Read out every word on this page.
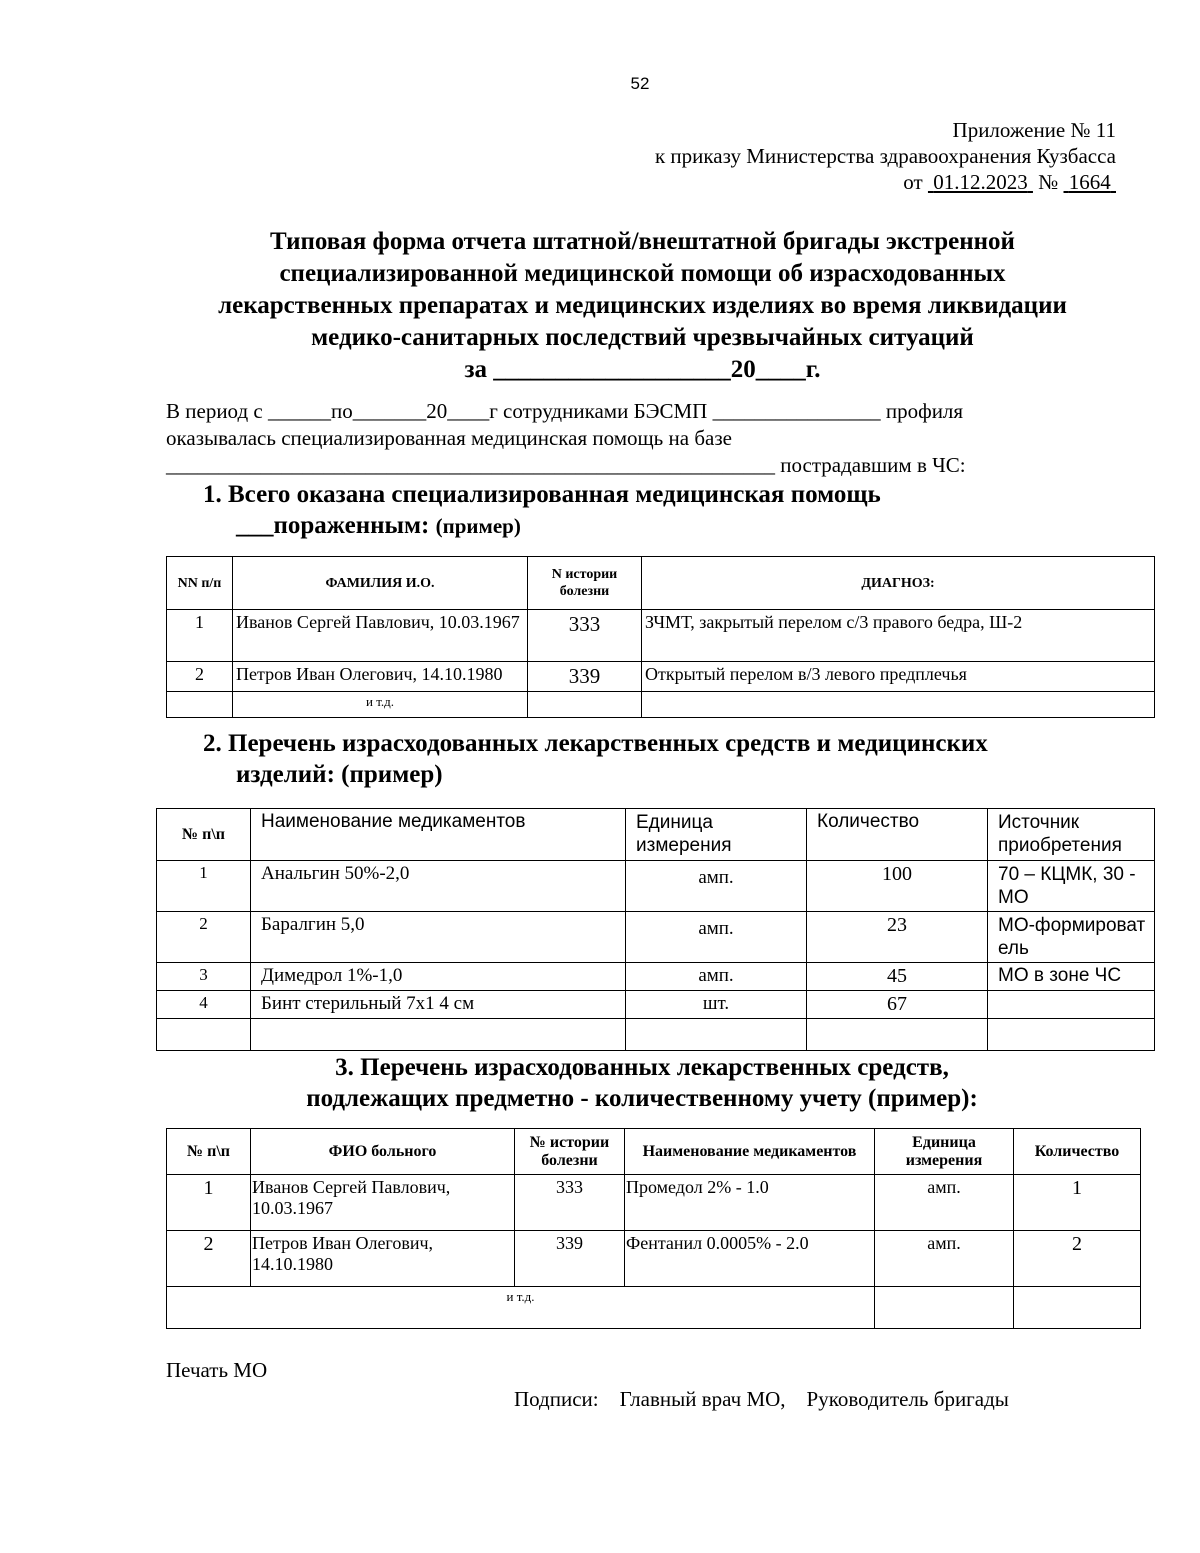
52
Приложение № 11
к приказу Министерства здравоохранения Кузбасса
от 01.12.2023 № 1664
Типовая форма отчета штатной/внештатной бригады экстренной
специализированной медицинской помощи об израсходованных
лекарственных препаратах и медицинских изделиях во время ликвидации
медико-санитарных последствий чрезвычайных ситуаций
за ___________________20____г.
В период с ______по_______20____г сотрудниками БЭСМП ________________ профиля
оказывалась специализированная медицинская помощь на базе
__________________________________________________________ пострадавшим в ЧС:
1. Всего оказана специализированная медицинская помощь
___пораженным: (пример)
NN п/п	ФАМИЛИЯ И.О.	N истории болезни	ДИАГНОЗ:
1	Иванов Сергей Павлович, 10.03.1967	333	ЗЧМТ, закрытый перелом с/3 правого бедра, Ш-2
2	Петров Иван Олегович, 14.10.1980	339	Открытый перелом в/3 левого предплечья
	и т.д.		
2. Перечень израсходованных лекарственных средств и медицинских
изделий: (пример)
№ п\п	Наименование медикаментов	Единица измерения	Количество	Источник приобретения
1	Анальгин 50%-2,0	амп.	100	70 – КЦМК, 30 - МО
2	Баралгин 5,0	амп.	23	МО-формирователь
3	Димедрол 1%-1,0	амп.	45	МО в зоне ЧС
4	Бинт стерильный 7х1 4 см	шт.	67	

3. Перечень израсходованных лекарственных средств,
подлежащих предметно - количественному учету (пример):
№ п\п	ФИО больного	№ истории болезни	Наименование медикаментов	Единица измерения	Количество
1	Иванов Сергей Павлович, 10.03.1967	333	Промедол 2% - 1.0	амп.	1
2	Петров Иван Олегович, 14.10.1980	339	Фентанил 0.0005% - 2.0	амп.	2
и т.д.					
Печать МО
Подписи: Главный врач МО, Руководитель бригады
